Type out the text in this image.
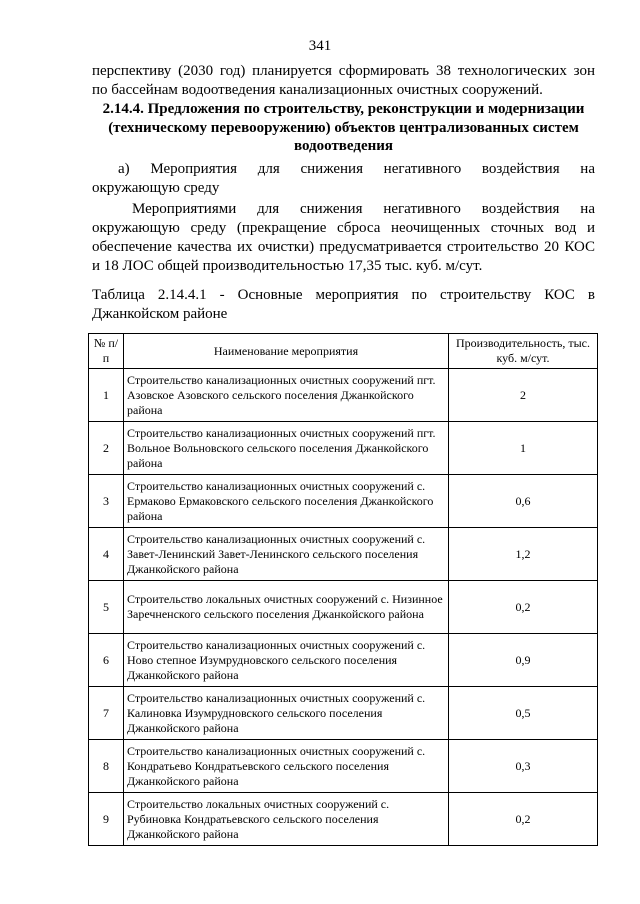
341
перспективу (2030 год) планируется сформировать 38 технологических зон
по бассейнам водоотведения канализационных очистных сооружений.
2.14.4. Предложения по строительству, реконструкции и модернизации (техническому перевооружению) объектов централизованных систем водоотведения
а) Мероприятия для снижения негативного воздействия на
окружающую среду
Мероприятиями для снижения негативного воздействия на
окружающую среду (прекращение сброса неочищенных сточных вод и
обеспечение качества их очистки) предусматривается строительство 20 КОС
и 18 ЛОС общей производительностью 17,35 тыс. куб. м/сут.
Таблица 2.14.4.1 - Основные мероприятия по строительству КОС в
Джанкойском районе
№ п/п	Наименование мероприятия	Производительность, тыс. куб. м/сут.
1	Строительство канализационных очистных сооружений пгт. Азовское Азовского сельского поселения Джанкойского района	2
2	Строительство канализационных очистных сооружений пгт. Вольное Вольновского сельского поселения Джанкойского района	1
3	Строительство канализационных очистных сооружений с. Ермаково Ермаковского сельского поселения Джанкойского района	0,6
4	Строительство канализационных очистных сооружений с. Завет-Ленинский Завет-Ленинского сельского поселения Джанкойского района	1,2
5	Строительство локальных очистных сооружений с. Низинное Заречненского сельского поселения Джанкойского района	0,2
6	Строительство канализационных очистных сооружений с. Ново степное Изумрудновского сельского поселения Джанкойского района	0,9
7	Строительство канализационных очистных сооружений с. Калиновка Изумрудновского сельского поселения Джанкойского района	0,5
8	Строительство канализационных очистных сооружений с. Кондратьево Кондратьевского сельского поселения Джанкойского района	0,3
9	Строительство локальных очистных сооружений с. Рубиновка Кондратьевского сельского поселения Джанкойского района	0,2
